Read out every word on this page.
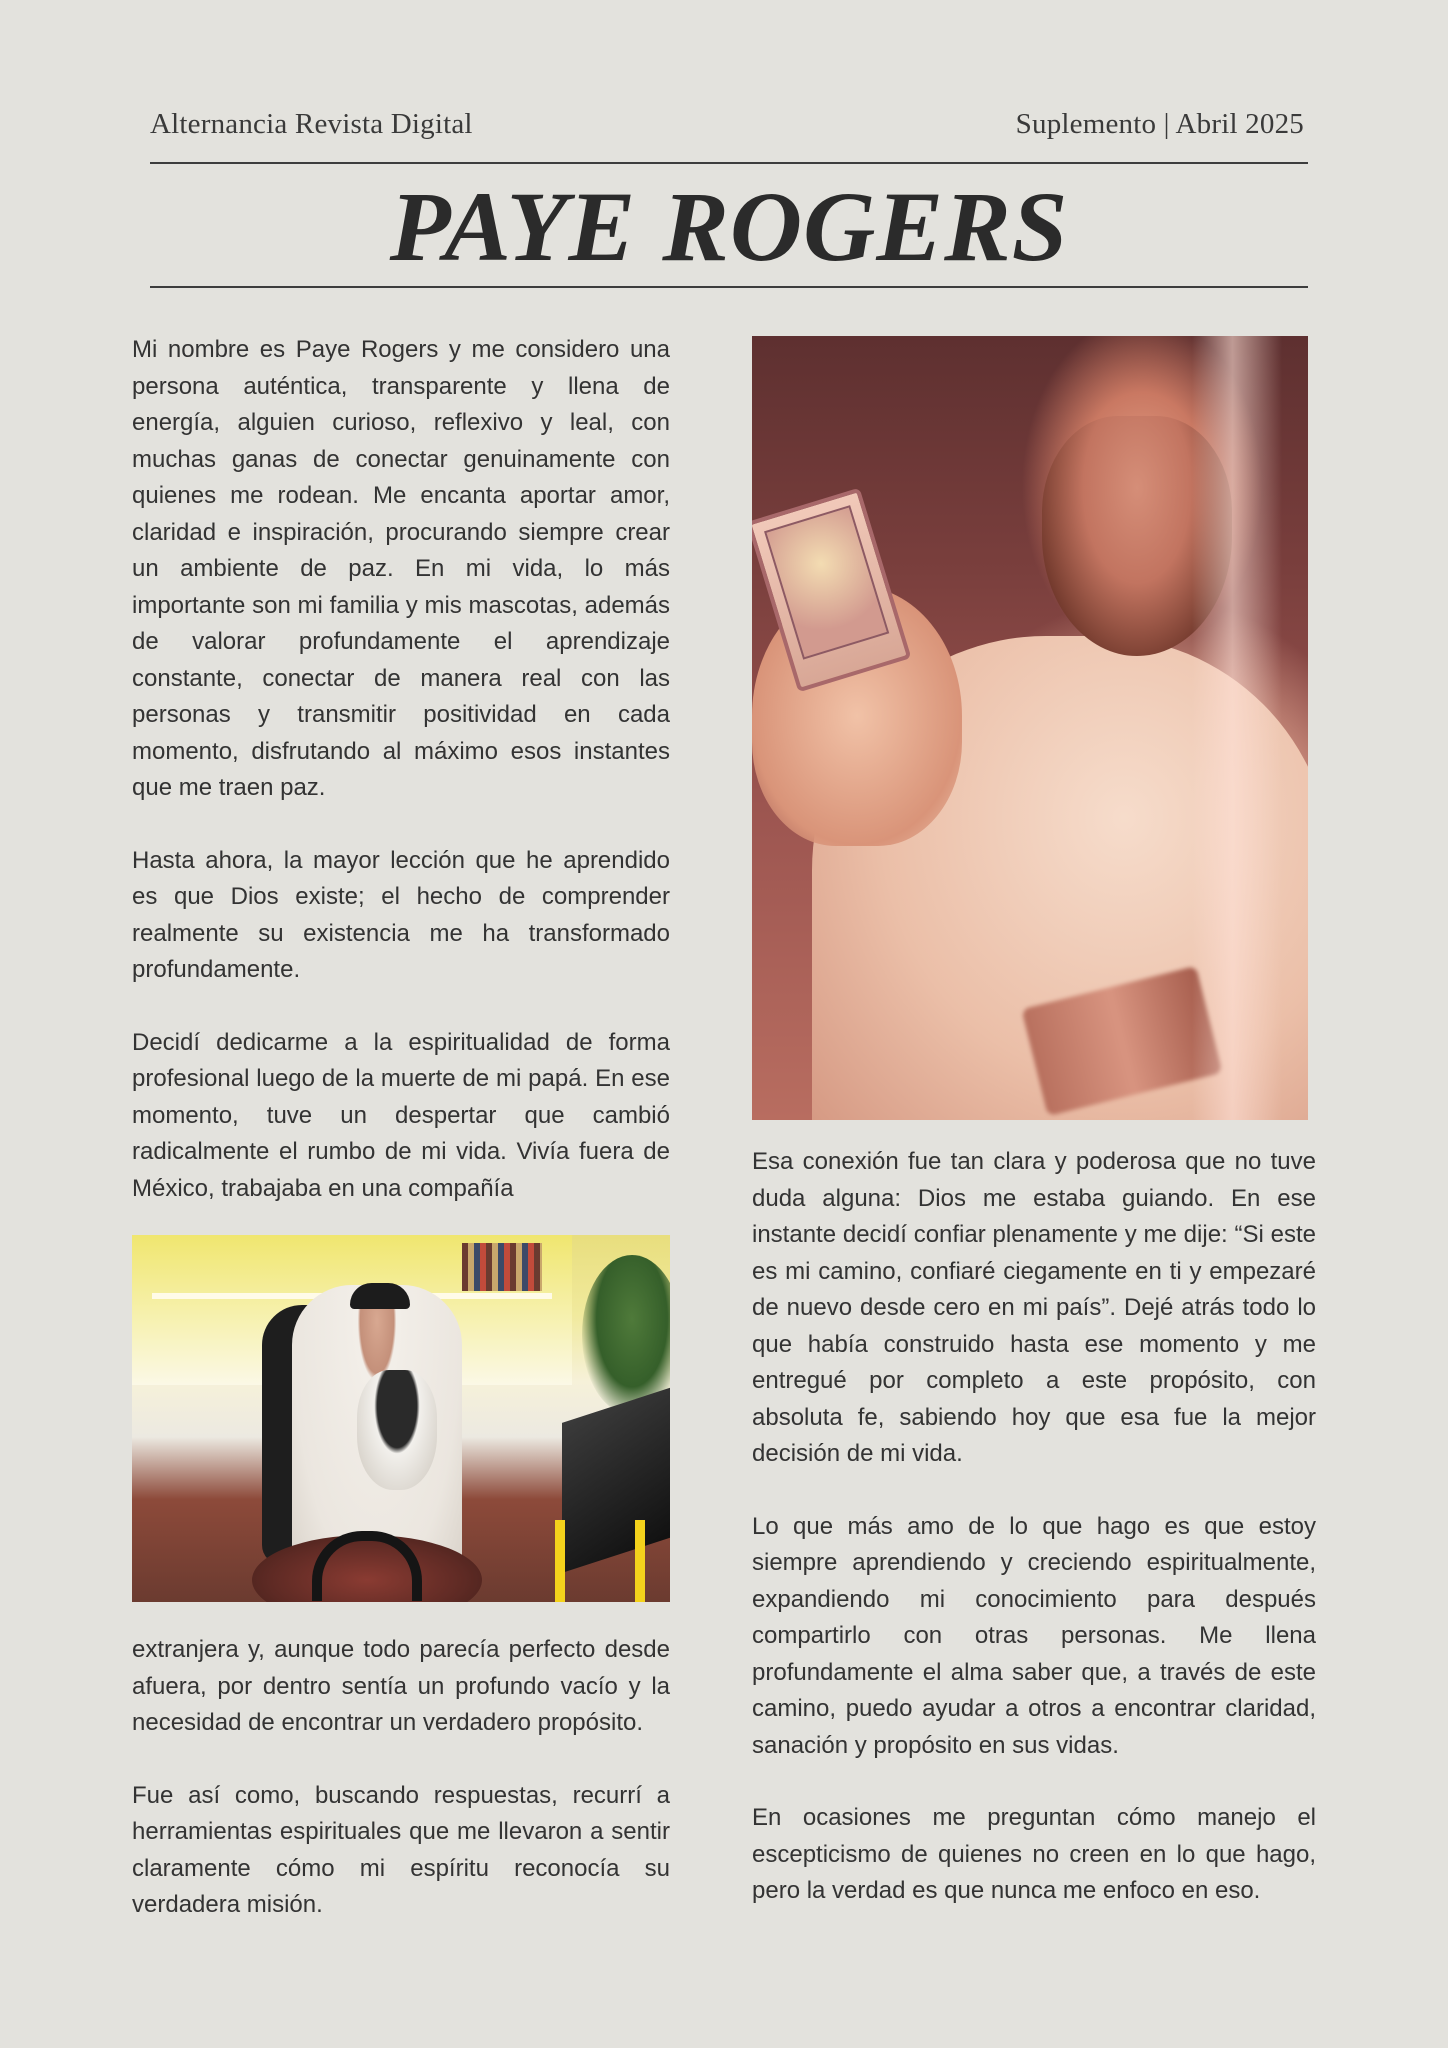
Alternancia Revista Digital	Suplemento | Abril 2025
PAYE ROGERS

Mi nombre es Paye Rogers y me considero una persona auténtica, transparente y llena de energía, alguien curioso, reflexivo y leal, con muchas ganas de conectar genuinamente con quienes me rodean. Me encanta aportar amor, claridad e inspiración, procurando siempre crear un ambiente de paz. En mi vida, lo más importante son mi familia y mis mascotas, además de valorar profundamente el aprendizaje constante, conectar de manera real con las personas y transmitir positividad en cada momento, disfrutando al máximo esos instantes que me traen paz.

Hasta ahora, la mayor lección que he aprendido es que Dios existe; el hecho de comprender realmente su existencia me ha transformado profundamente.

Decidí dedicarme a la espiritualidad de forma profesional luego de la muerte de mi papá. En ese momento, tuve un despertar que cambió radicalmente el rumbo de mi vida. Vivía fuera de México, trabajaba en una compañía

extranjera y, aunque todo parecía perfecto desde afuera, por dentro sentía un profundo vacío y la necesidad de encontrar un verdadero propósito.

Fue así como, buscando respuestas, recurrí a herramientas espirituales que me llevaron a sentir claramente cómo mi espíritu reconocía su verdadera misión.

Esa conexión fue tan clara y poderosa que no tuve duda alguna: Dios me estaba guiando. En ese instante decidí confiar plenamente y me dije: “Si este es mi camino, confiaré ciegamente en ti y empezaré de nuevo desde cero en mi país”. Dejé atrás todo lo que había construido hasta ese momento y me entregué por completo a este propósito, con absoluta fe, sabiendo hoy que esa fue la mejor decisión de mi vida.

Lo que más amo de lo que hago es que estoy siempre aprendiendo y creciendo espiritualmente, expandiendo mi conocimiento para después compartirlo con otras personas. Me llena profundamente el alma saber que, a través de este camino, puedo ayudar a otros a encontrar claridad, sanación y propósito en sus vidas.

En ocasiones me preguntan cómo manejo el escepticismo de quienes no creen en lo que hago, pero la verdad es que nunca me enfoco en eso.
